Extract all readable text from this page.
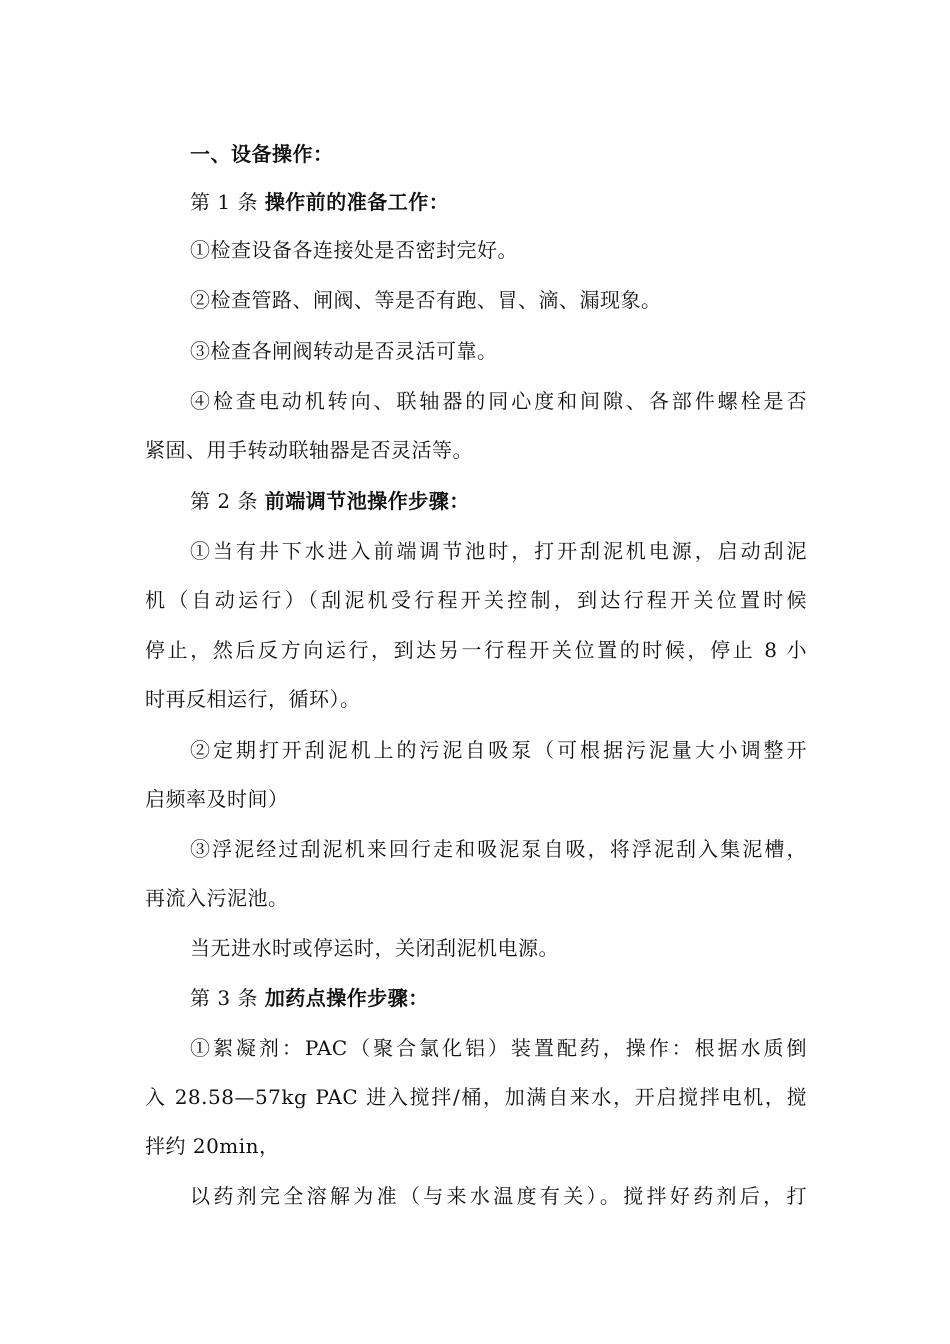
一、设备操作：
第 1 条 操作前的准备工作：
①检查设备各连接处是否密封完好。
②检查管路、闸阀、等是否有跑、冒、滴、漏现象。
③检查各闸阀转动是否灵活可靠。
④检查电动机转向、联轴器的同心度和间隙、各部件螺栓是否
紧固、用手转动联轴器是否灵活等。
第 2 条 前端调节池操作步骤：
①当有井下水进入前端调节池时，打开刮泥机电源，启动刮泥
机（自动运行）（刮泥机受行程开关控制，到达行程开关位置时候
停止，然后反方向运行，到达另一行程开关位置的时候，停止 8 小
时再反相运行，循环）。
②定期打开刮泥机上的污泥自吸泵（可根据污泥量大小调整开
启频率及时间）
③浮泥经过刮泥机来回行走和吸泥泵自吸，将浮泥刮入集泥槽，
再流入污泥池。
当无进水时或停运时，关闭刮泥机电源。
第 3 条 加药点操作步骤：
①絮凝剂：PAC（聚合氯化铝）装置配药，操作：根据水质倒
入 28.58—57kg PAC 进入搅拌/桶，加满自来水，开启搅拌电机，搅
拌约 20min，
以药剂完全溶解为准（与来水温度有关）。搅拌好药剂后，打
